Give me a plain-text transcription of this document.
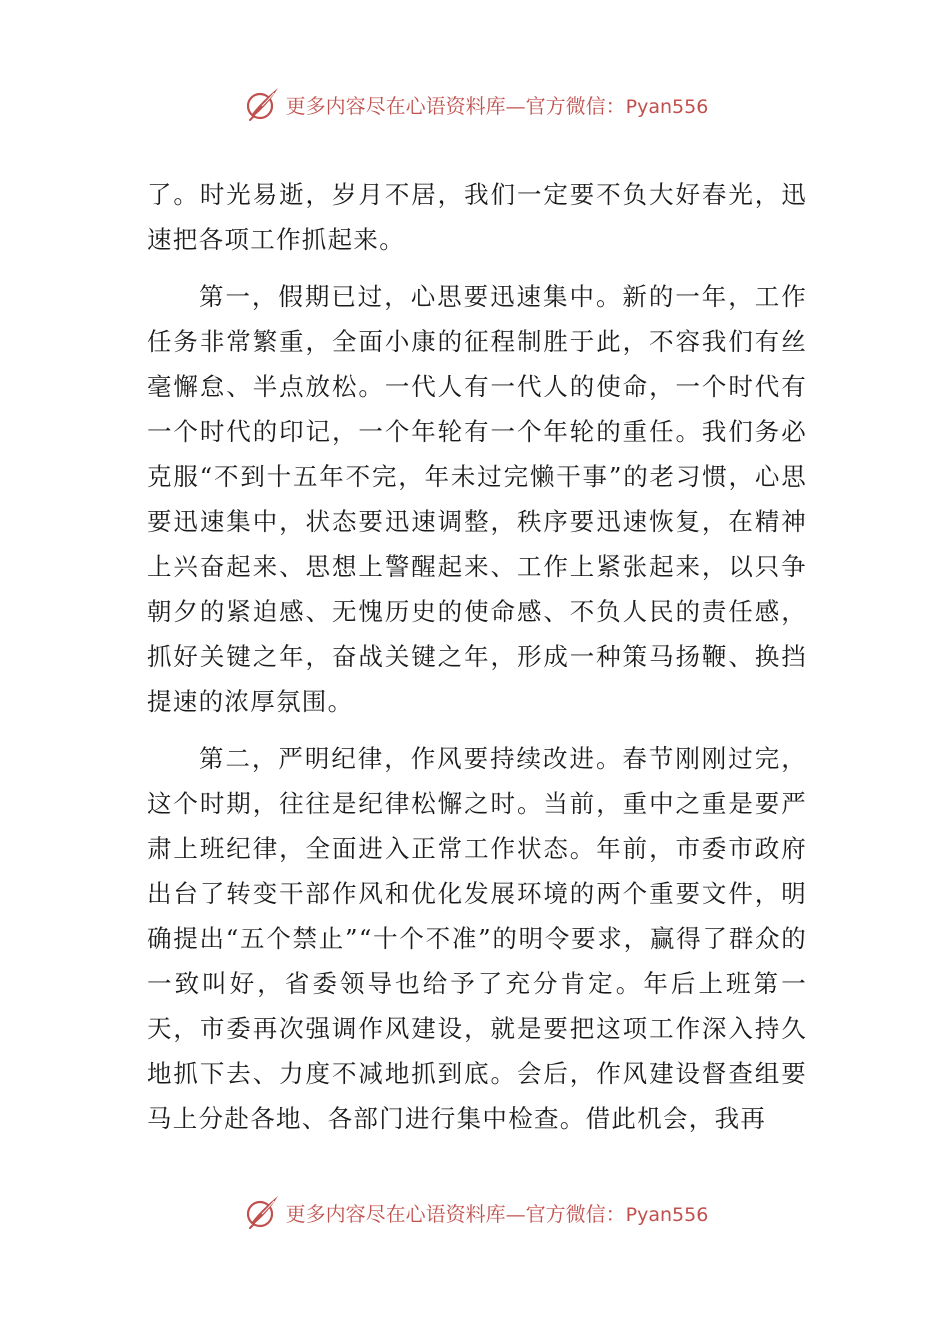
更多内容尽在心语资料库—官方微信：Pyan556

了。时光易逝，岁月不居，我们一定要不负大好春光，迅速把各项工作抓起来。

第一，假期已过，心思要迅速集中。新的一年，工作任务非常繁重，全面小康的征程制胜于此，不容我们有丝毫懈怠、半点放松。一代人有一代人的使命，一个时代有一个时代的印记，一个年轮有一个年轮的重任。我们务必克服“不到十五年不完，年未过完懒干事”的老习惯，心思要迅速集中，状态要迅速调整，秩序要迅速恢复，在精神上兴奋起来、思想上警醒起来、工作上紧张起来，以只争朝夕的紧迫感、无愧历史的使命感、不负人民的责任感，抓好关键之年，奋战关键之年，形成一种策马扬鞭、换挡提速的浓厚氛围。

第二，严明纪律，作风要持续改进。春节刚刚过完，这个时期，往往是纪律松懈之时。当前，重中之重是要严肃上班纪律，全面进入正常工作状态。年前，市委市政府出台了转变干部作风和优化发展环境的两个重要文件，明确提出“五个禁止”“十个不准”的明令要求，赢得了群众的一致叫好，省委领导也给予了充分肯定。年后上班第一天，市委再次强调作风建设，就是要把这项工作深入持久地抓下去、力度不减地抓到底。会后，作风建设督查组要马上分赴各地、各部门进行集中检查。借此机会，我再

更多内容尽在心语资料库—官方微信：Pyan556
